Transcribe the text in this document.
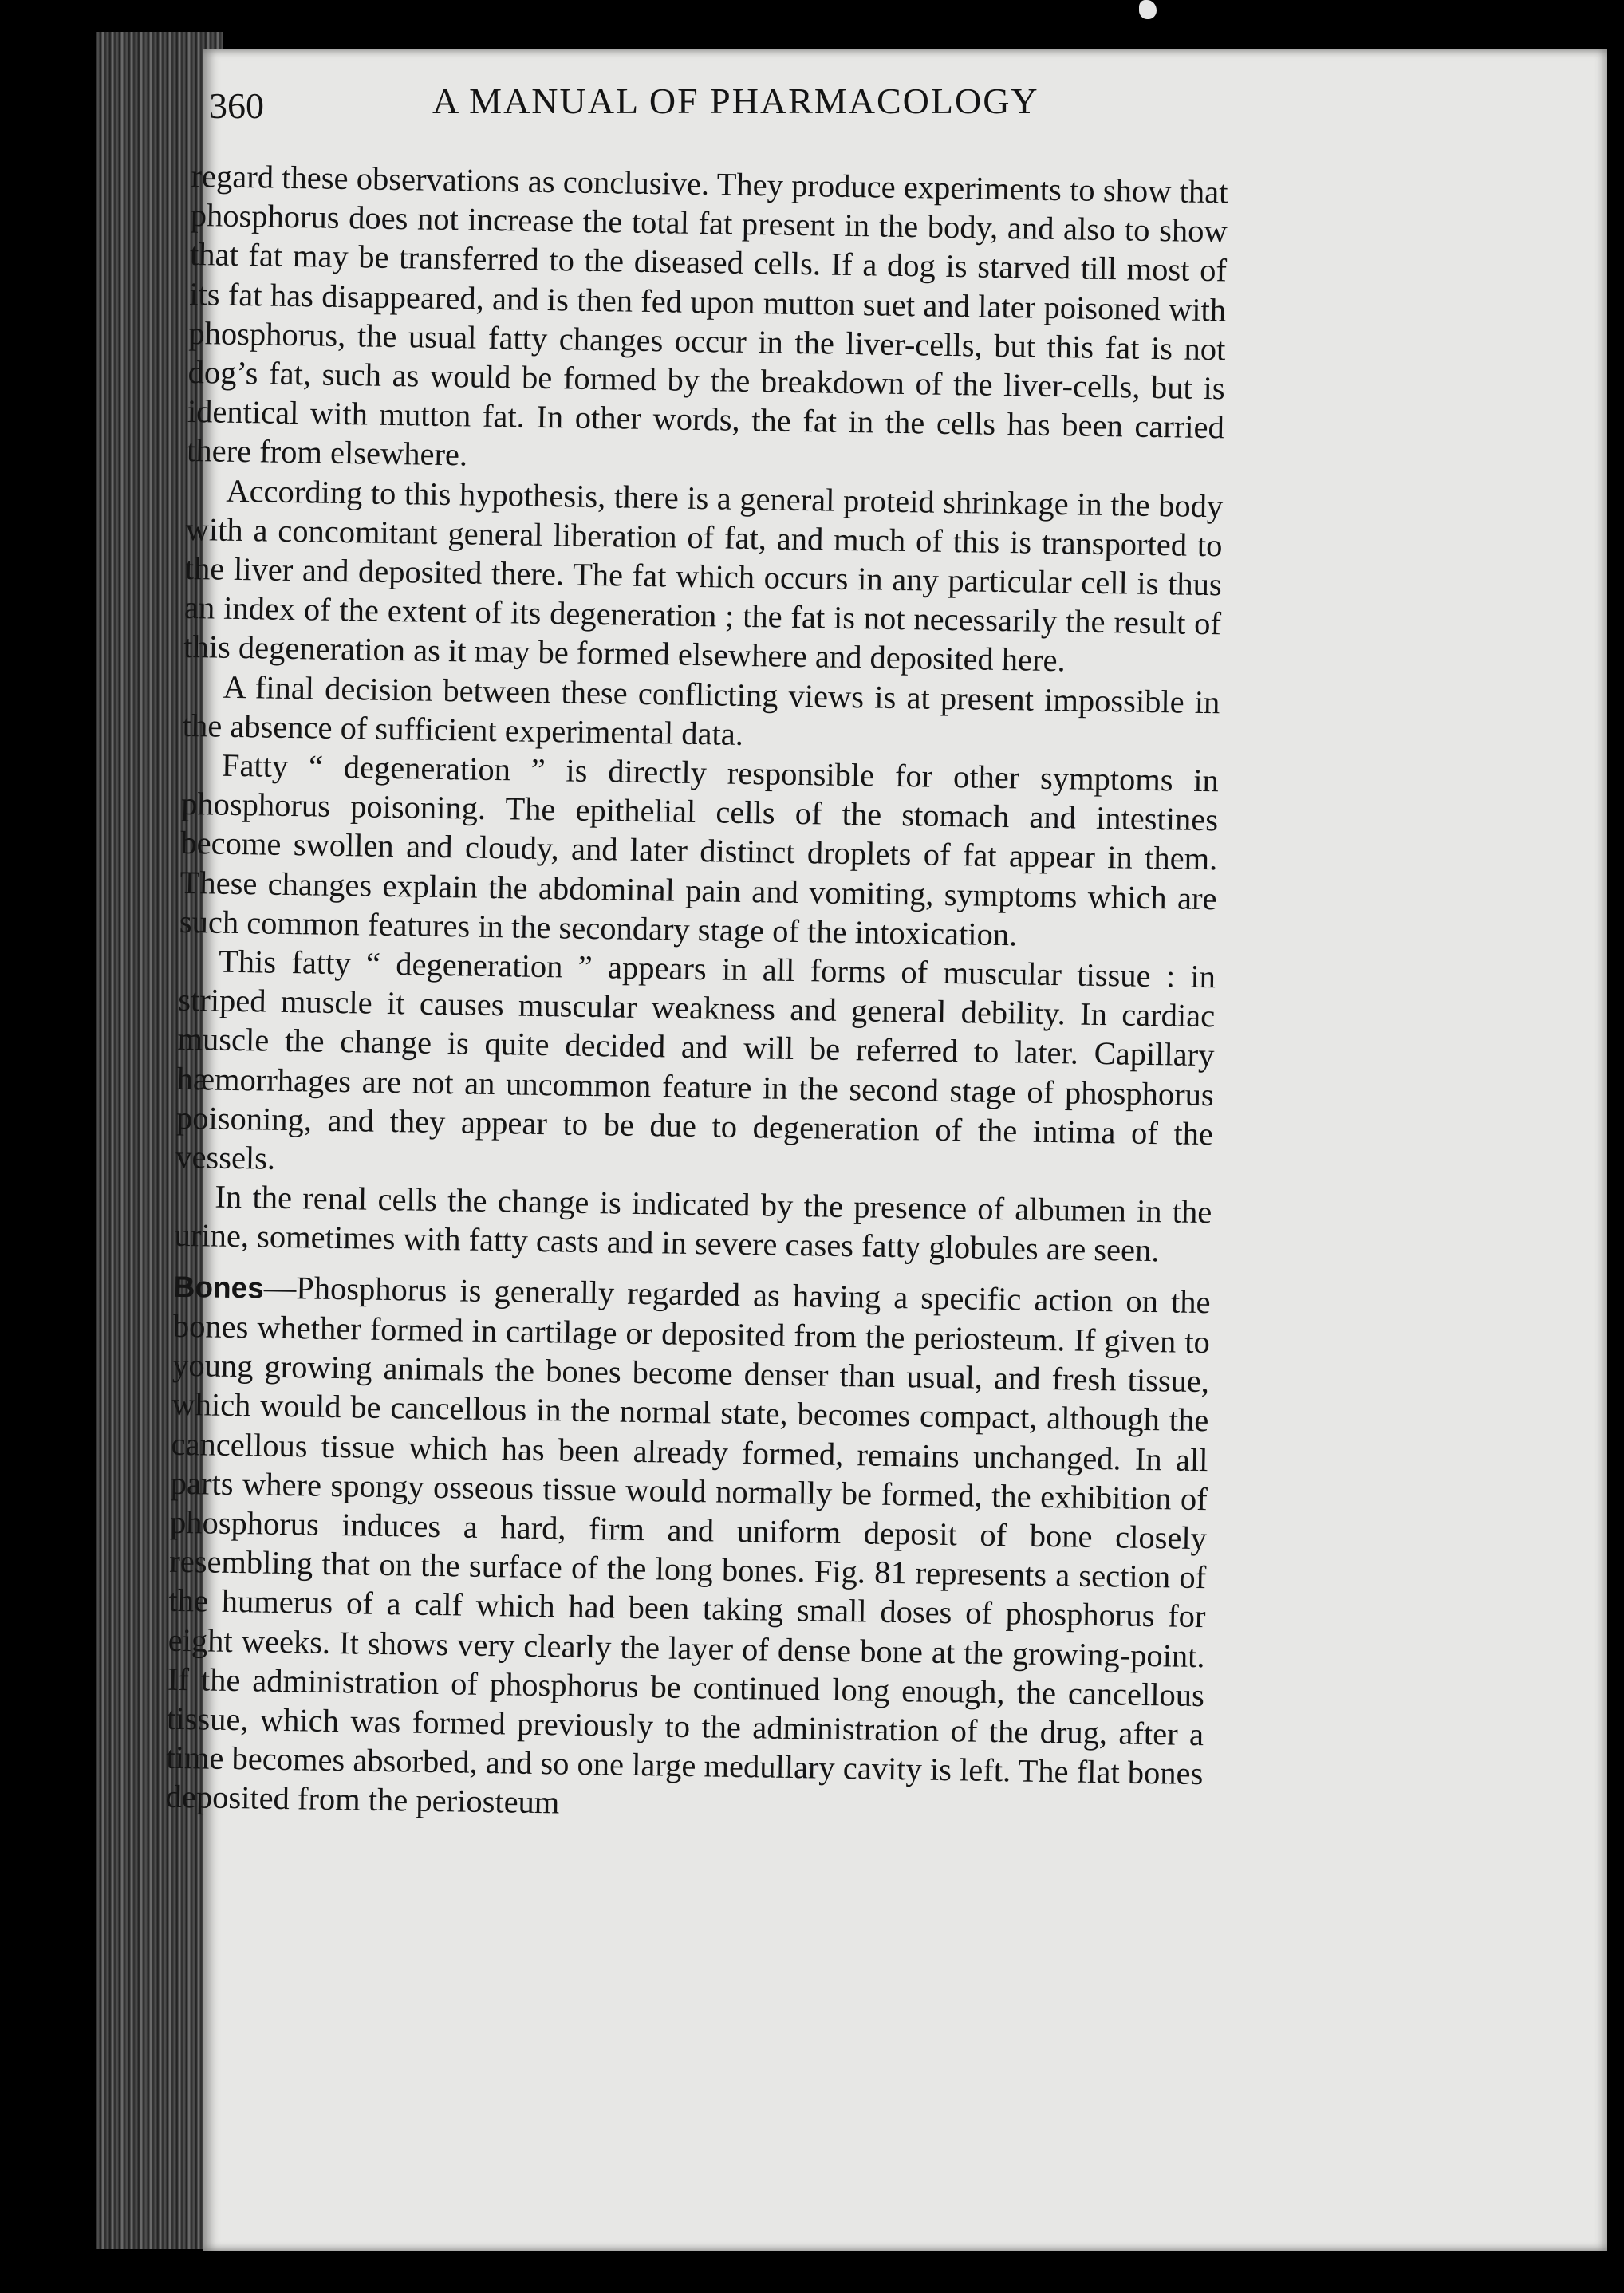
360	A MANUAL OF PHARMACOLOGY

regard these observations as conclusive. They produce experiments to show that phosphorus does not increase the total fat present in the body, and also to show that fat may be transferred to the diseased cells. If a dog is starved till most of its fat has disappeared, and is then fed upon mutton suet and later poisoned with phosphorus, the usual fatty changes occur in the liver-cells, but this fat is not dog’s fat, such as would be formed by the breakdown of the liver-cells, but is identical with mutton fat. In other words, the fat in the cells has been carried there from elsewhere.

According to this hypothesis, there is a general proteid shrinkage in the body with a concomitant general liberation of fat, and much of this is transported to the liver and deposited there. The fat which occurs in any particular cell is thus an index of the extent of its degeneration ; the fat is not necessarily the result of this degeneration as it may be formed elsewhere and deposited here.

A final decision between these conflicting views is at present impossible in the absence of sufficient experimental data.

Fatty “ degeneration ” is directly responsible for other symptoms in phosphorus poisoning. The epithelial cells of the stomach and intestines become swollen and cloudy, and later distinct droplets of fat appear in them. These changes explain the abdominal pain and vomiting, symptoms which are such common features in the secondary stage of the intoxication.

This fatty “ degeneration ” appears in all forms of muscular tissue : in striped muscle it causes muscular weakness and general debility. In cardiac muscle the change is quite decided and will be referred to later. Capillary hæmorrhages are not an uncommon feature in the second stage of phosphorus poisoning, and they appear to be due to degeneration of the intima of the vessels.

In the renal cells the change is indicated by the presence of albumen in the urine, sometimes with fatty casts and in severe cases fatty globules are seen.

Bones—Phosphorus is generally regarded as having a specific action on the bones whether formed in cartilage or deposited from the periosteum. If given to young growing animals the bones become denser than usual, and fresh tissue, which would be cancellous in the normal state, becomes compact, although the cancellous tissue which has been already formed, remains unchanged. In all parts where spongy osseous tissue would normally be formed, the exhibition of phosphorus induces a hard, firm and uniform deposit of bone closely resembling that on the surface of the long bones. Fig. 81 represents a section of the humerus of a calf which had been taking small doses of phosphorus for eight weeks. It shows very clearly the layer of dense bone at the growing-point. If the administration of phosphorus be continued long enough, the cancellous tissue, which was formed previously to the administration of the drug, after a time becomes absorbed, and so one large medullary cavity is left. The flat bones deposited from the periosteum
